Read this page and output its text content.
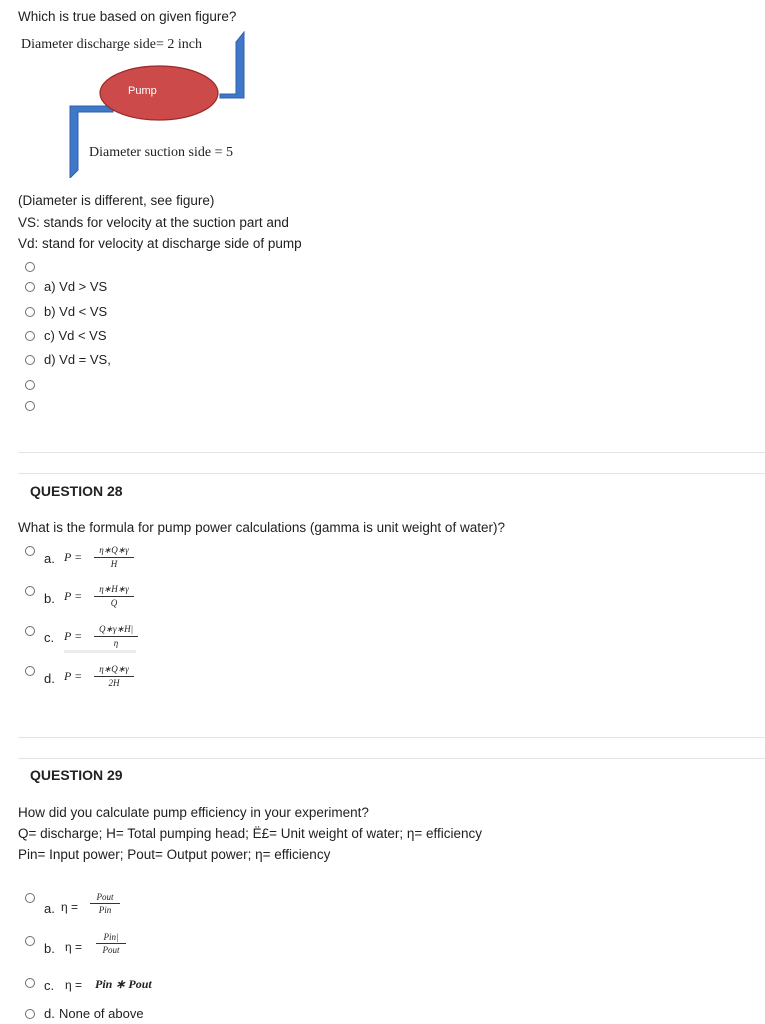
Which is true based on given figure?
Diameter discharge side= 2 inch
Pump
Diameter suction side = 5
(Diameter is different, see figure)
VS: stands for velocity at the suction part and
Vd: stand for velocity at discharge side of pump
a) Vd > VS
b) Vd < VS
c) Vd < VS
d) Vd = VS,
QUESTION 28
What is the formula for pump power calculations (gamma is unit weight of water)?
a. $P = \frac{\eta∗Q∗\gamma}{H}$
b. $P = \frac{\eta∗H∗\gamma}{Q}$
c. $P = \frac{Q∗\gamma∗H|}{\eta}$
d. $P = \frac{\eta∗Q∗\gamma}{2H}$
QUESTION 29
How did you calculate pump efficiency in your experiment?
Q= discharge; H= Total pumping head; Ё£= Unit weight of water; η= efficiency
Pin= Input power; Pout= Output power; η= efficiency
a. η =
Pout
Pin
b. η =
Pin|
Pout
c. η = Pin ∗ Pout
d. None of above
